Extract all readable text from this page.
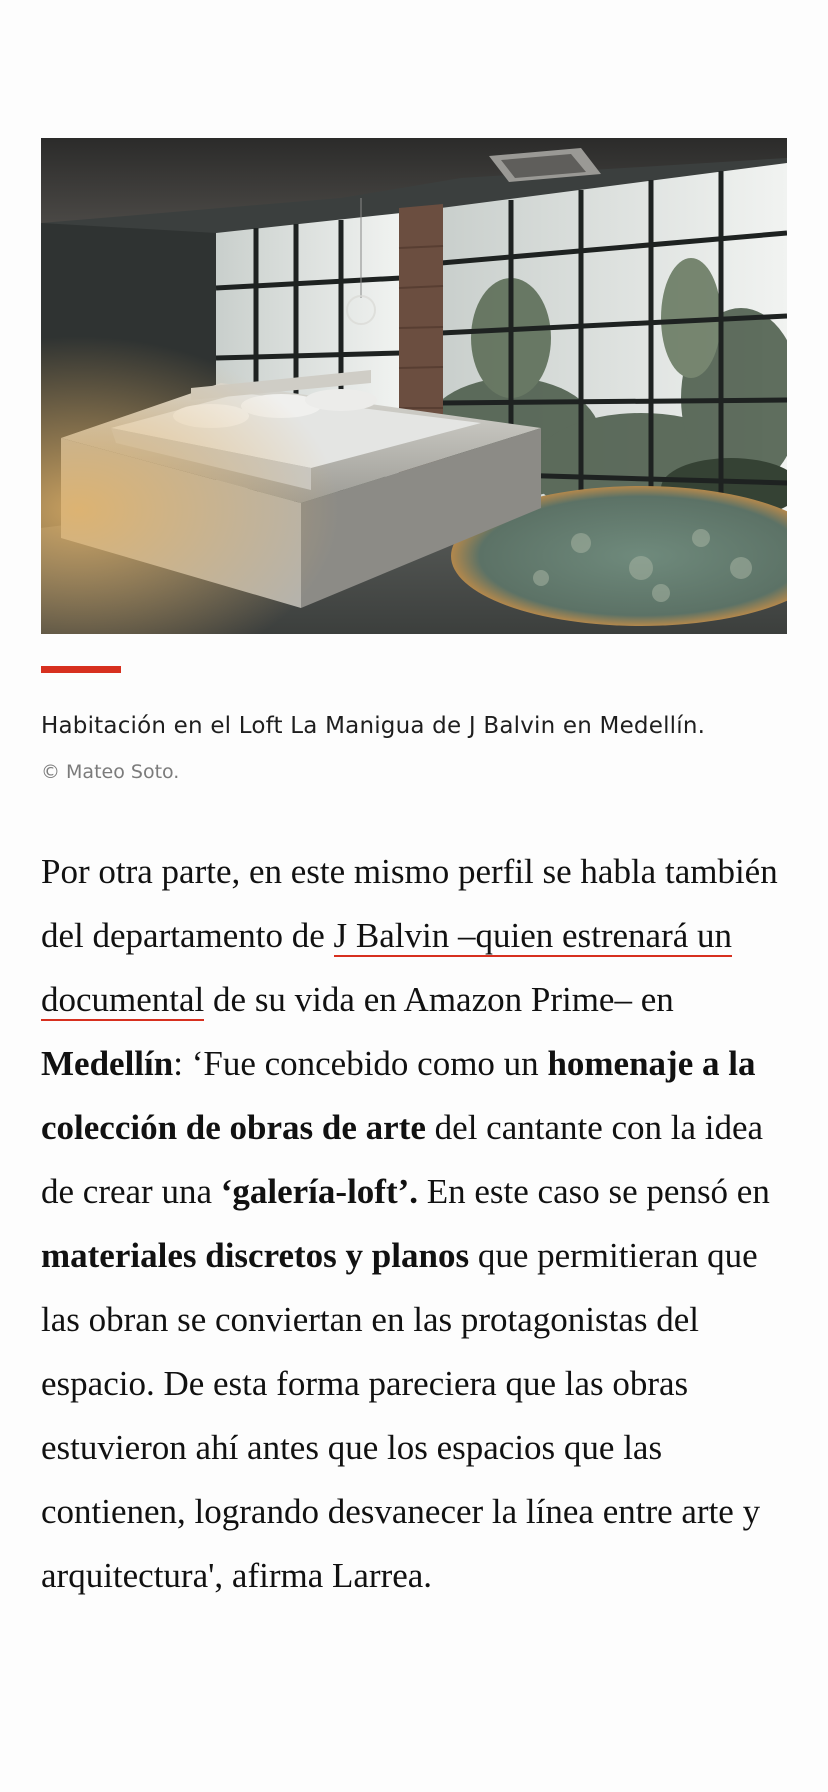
Habitación en el Loft La Manigua de J Balvin en Medellín.
© Mateo Soto.

Por otra parte, en este mismo perfil se habla también del departamento de J Balvin –quien estrenará un documental de su vida en Amazon Prime– en Medellín: ‘Fue concebido como un homenaje a la colección de obras de arte del cantante con la idea de crear una ‘galería-loft’. En este caso se pensó en materiales discretos y planos que permitieran que las obran se conviertan en las protagonistas del espacio. De esta forma pareciera que las obras estuvieron ahí antes que los espacios que las contienen, logrando desvanecer la línea entre arte y arquitectura', afirma Larrea.
